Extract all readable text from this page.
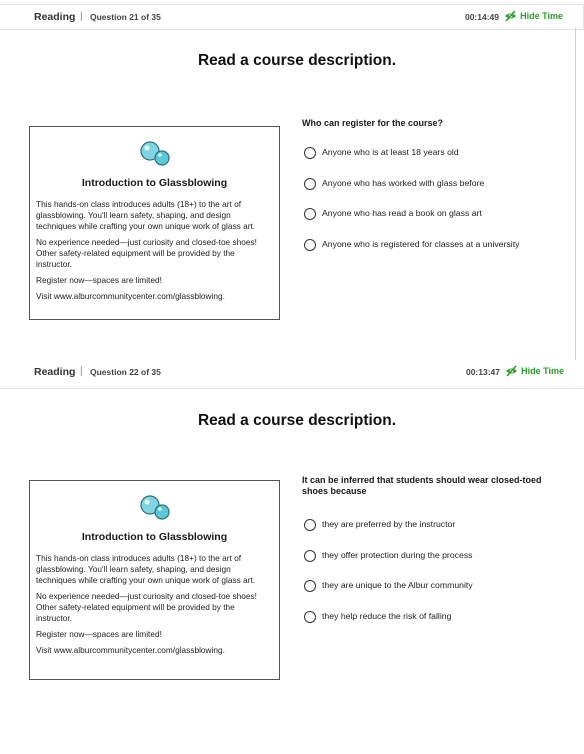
Reading | Question 21 of 35	00:14:49 Hide Time
Read a course description.
Introduction to Glassblowing

This hands-on class introduces adults (18+) to the art of glassblowing. You'll learn safety, shaping, and design techniques while crafting your own unique work of glass art.

No experience needed—just curiosity and closed-toe shoes! Other safety-related equipment will be provided by the instructor.

Register now—spaces are limited!

Visit www.alburcommunitycenter.com/glassblowing.

Who can register for the course?
Anyone who is at least 18 years old
Anyone who has worked with glass before
Anyone who has read a book on glass art
Anyone who is registered for classes at a university
Reading | Question 22 of 35	00:13:47 Hide Time
Read a course description.
Introduction to Glassblowing

This hands-on class introduces adults (18+) to the art of glassblowing. You'll learn safety, shaping, and design techniques while crafting your own unique work of glass art.

No experience needed—just curiosity and closed-toe shoes! Other safety-related equipment will be provided by the instructor.

Register now—spaces are limited!

Visit www.alburcommunitycenter.com/glassblowing.

It can be inferred that students should wear closed-toed shoes because
they are preferred by the instructor
they offer protection during the process
they are unique to the Albur community
they help reduce the risk of falling
